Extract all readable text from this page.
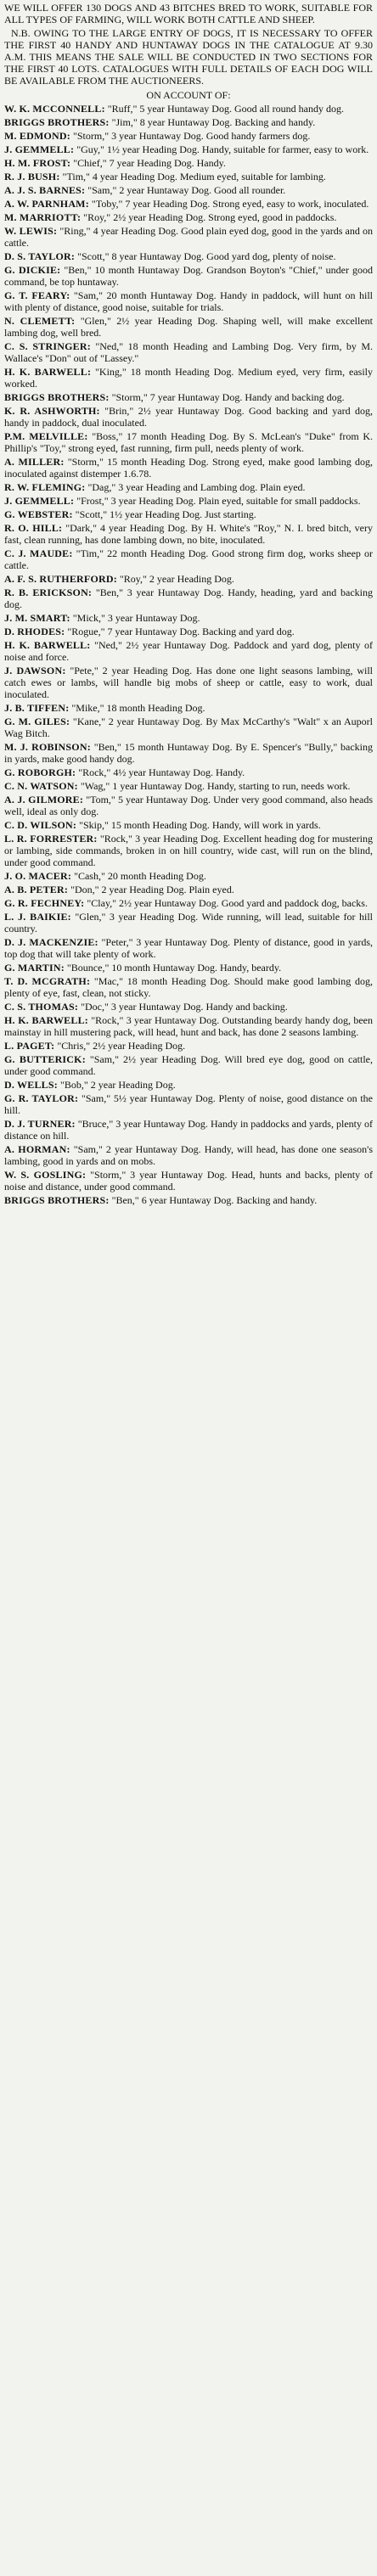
WE WILL OFFER 130 DOGS AND 43 BITCHES BRED TO WORK, SUITABLE FOR ALL TYPES OF FARMING, WILL WORK BOTH CATTLE AND SHEEP.

N.B. OWING TO THE LARGE ENTRY OF DOGS, IT IS NECESSARY TO OFFER THE FIRST 40 HANDY AND HUNTAWAY DOGS IN THE CATALOGUE AT 9.30 A.M. THIS MEANS THE SALE WILL BE CONDUCTED IN TWO SECTIONS FOR THE FIRST 40 LOTS. CATALOGUES WITH FULL DETAILS OF EACH DOG WILL BE AVAILABLE FROM THE AUCTIONEERS.

ON ACCOUNT OF:

W. K. MCCONNELL: "Ruff," 5 year Huntaway Dog. Good all round handy dog.

BRIGGS BROTHERS: "Jim," 8 year Huntaway Dog. Backing and handy.

M. EDMOND: "Storm," 3 year Huntaway Dog. Good handy farmers dog.

J. GEMMELL: "Guy," 1½ year Heading Dog. Handy, suitable for farmer, easy to work.

H. M. FROST: "Chief," 7 year Heading Dog. Handy.

R. J. BUSH: "Tim," 4 year Heading Dog. Medium eyed, suitable for lambing.

A. J. S. BARNES: "Sam," 2 year Huntaway Dog. Good all rounder.

A. W. PARNHAM: "Toby," 7 year Heading Dog. Strong eyed, easy to work, inoculated.

M. MARRIOTT: "Roy," 2½ year Heading Dog. Strong eyed, good in paddocks.

W. LEWIS: "Ring," 4 year Heading Dog. Good plain eyed dog, good in the yards and on cattle.

D. S. TAYLOR: "Scott," 8 year Huntaway Dog. Good yard dog, plenty of noise.

G. DICKIE: "Ben," 10 month Huntaway Dog. Grandson Boyton's "Chief," under good command, be top huntaway.

G. T. FEARY: "Sam," 20 month Huntaway Dog. Handy in paddock, will hunt on hill with plenty of distance, good noise, suitable for trials.

N. CLEMETT: "Glen," 2½ year Heading Dog. Shaping well, will make excellent lambing dog, well bred.

C. S. STRINGER: "Ned," 18 month Heading and Lambing Dog. Very firm, by M. Wallace's "Don" out of "Lassey."

H. K. BARWELL: "King," 18 month Heading Dog. Medium eyed, very firm, easily worked.

BRIGGS BROTHERS: "Storm," 7 year Huntaway Dog. Handy and backing dog.

K. R. ASHWORTH: "Brin," 2½ year Huntaway Dog. Good backing and yard dog, handy in paddock, dual inoculated.

P.M. MELVILLE: "Boss," 17 month Heading Dog. By S. McLean's "Duke" from K. Phillip's "Toy," strong eyed, fast running, firm pull, needs plenty of work.

A. MILLER: "Storm," 15 month Heading Dog. Strong eyed, make good lambing dog, inoculated against distemper 1.6.78.

R. W. FLEMING: "Dag," 3 year Heading and Lambing dog. Plain eyed.

J. GEMMELL: "Frost," 3 year Heading Dog. Plain eyed, suitable for small paddocks.

G. WEBSTER: "Scott," 1½ year Heading Dog. Just starting.

R. O. HILL: "Dark," 4 year Heading Dog. By H. White's "Roy," N. I. bred bitch, very fast, clean running, has done lambing down, no bite, inoculated.

C. J. MAUDE: "Tim," 22 month Heading Dog. Good strong firm dog, works sheep or cattle.

A. F. S. RUTHERFORD: "Roy," 2 year Heading Dog.

R. B. ERICKSON: "Ben," 3 year Huntaway Dog. Handy, heading, yard and backing dog.

J. M. SMART: "Mick," 3 year Huntaway Dog.

D. RHODES: "Rogue," 7 year Huntaway Dog. Backing and yard dog.

H. K. BARWELL: "Ned," 2½ year Huntaway Dog. Paddock and yard dog, plenty of noise and force.

J. DAWSON: "Pete," 2 year Heading Dog. Has done one light seasons lambing, will catch ewes or lambs, will handle big mobs of sheep or cattle, easy to work, dual inoculated.

J. B. TIFFEN: "Mike," 18 month Heading Dog.

G. M. GILES: "Kane," 2 year Huntaway Dog. By Max McCarthy's "Walt" x an Auporl Wag Bitch.

M. J. ROBINSON: "Ben," 15 month Huntaway Dog. By E. Spencer's "Bully," backing in yards, make good handy dog.

G. ROBORGH: "Rock," 4½ year Huntaway Dog. Handy.

C. N. WATSON: "Wag," 1 year Huntaway Dog. Handy, starting to run, needs work.

A. J. GILMORE: "Tom," 5 year Huntaway Dog. Under very good command, also heads well, ideal as only dog.

C. D. WILSON: "Skip," 15 month Heading Dog. Handy, will work in yards.

L. R. FORRESTER: "Rock," 3 year Heading Dog. Excellent heading dog for mustering or lambing, side commands, broken in on hill country, wide cast, will run on the blind, under good command.

J. O. MACER: "Cash," 20 month Heading Dog.

A. B. PETER: "Don," 2 year Heading Dog. Plain eyed.

G. R. FECHNEY: "Clay," 2½ year Huntaway Dog. Good yard and paddock dog, backs.

L. J. BAIKIE: "Glen," 3 year Heading Dog. Wide running, will lead, suitable for hill country.

D. J. MACKENZIE: "Peter," 3 year Huntaway Dog. Plenty of distance, good in yards, top dog that will take plenty of work.

G. MARTIN: "Bounce," 10 month Huntaway Dog. Handy, beardy.

T. D. MCGRATH: "Mac," 18 month Heading Dog. Should make good lambing dog, plenty of eye, fast, clean, not sticky.

C. S. THOMAS: "Doc," 3 year Huntaway Dog. Handy and backing.

H. K. BARWELL: "Rock," 3 year Huntaway Dog. Outstanding beardy handy dog, been mainstay in hill mustering pack, will head, hunt and back, has done 2 seasons lambing.

L. PAGET: "Chris," 2½ year Heading Dog.

G. BUTTERICK: "Sam," 2½ year Heading Dog. Will bred eye dog, good on cattle, under good command.

D. WELLS: "Bob," 2 year Heading Dog.

G. R. TAYLOR: "Sam," 5½ year Huntaway Dog. Plenty of noise, good distance on the hill.

D. J. TURNER: "Bruce," 3 year Huntaway Dog. Handy in paddocks and yards, plenty of distance on hill.

A. HORMAN: "Sam," 2 year Huntaway Dog. Handy, will head, has done one season's lambing, good in yards and on mobs.

W. S. GOSLING: "Storm," 3 year Huntaway Dog. Head, hunts and backs, plenty of noise and distance, under good command.

BRIGGS BROTHERS: "Ben," 6 year Huntaway Dog. Backing and handy.
